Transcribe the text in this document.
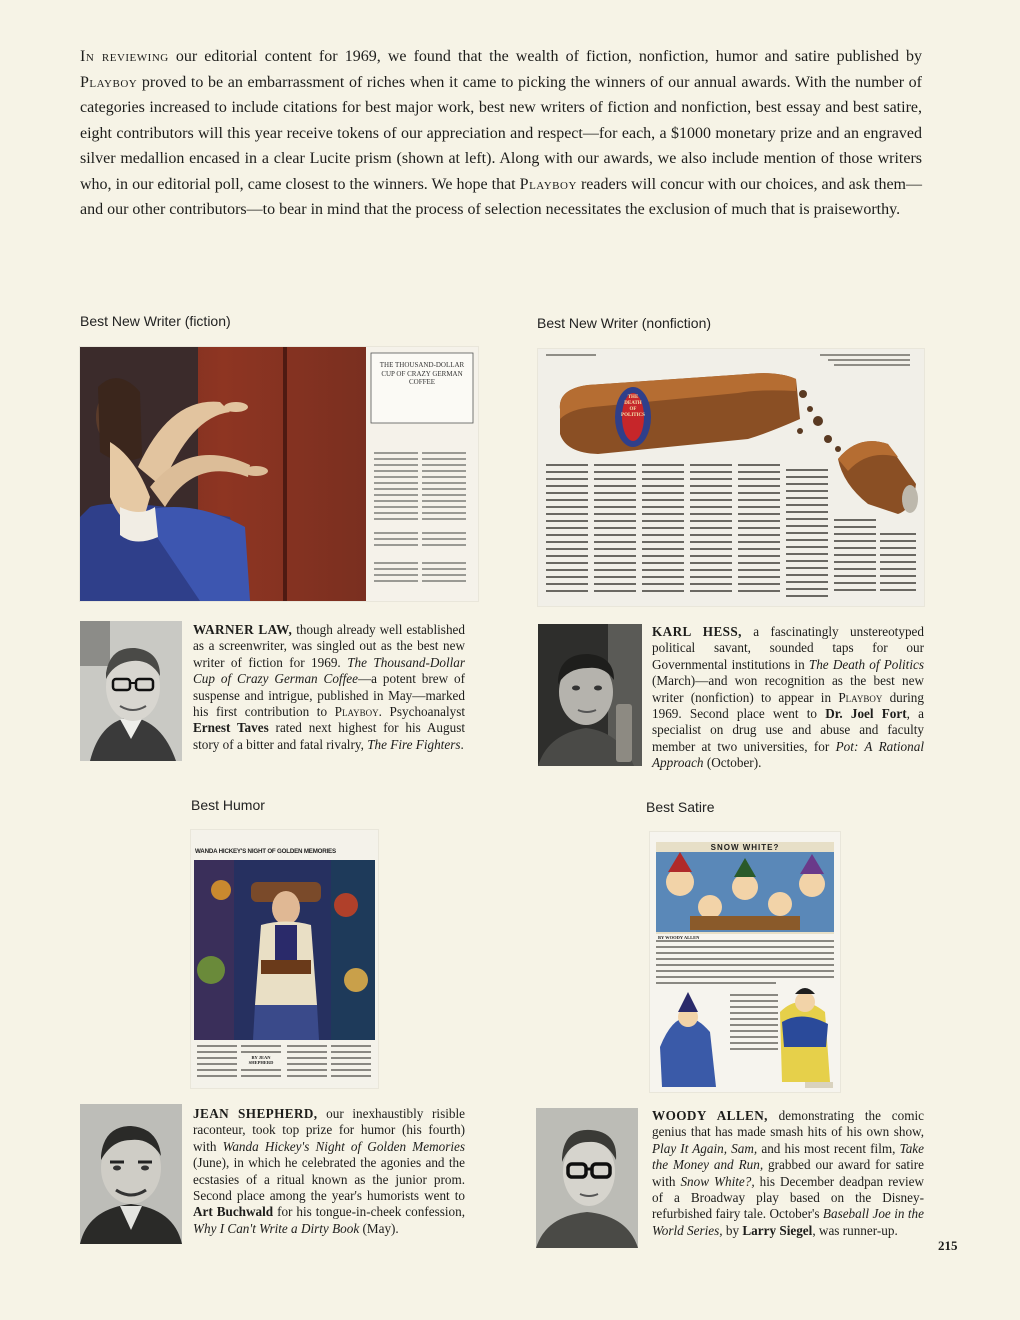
In reviewing our editorial content for 1969, we found that the wealth of fiction, nonfiction, humor and satire published by Playboy proved to be an embarrassment of riches when it came to picking the winners of our annual awards. With the number of categories increased to include citations for best major work, best new writers of fiction and nonfiction, best essay and best satire, eight contributors will this year receive tokens of our appreciation and respect—for each, a $1000 monetary prize and an engraved silver medallion encased in a clear Lucite prism (shown at left). Along with our awards, we also include mention of those writers who, in our editorial poll, came closest to the winners. We hope that Playboy readers will concur with our choices, and ask them—and our other contributors—to bear in mind that the process of selection necessitates the exclusion of much that is praiseworthy.
Best New Writer (fiction)
THE THOUSAND-DOLLAR CUP OF CRAZY GERMAN COFFEE
WARNER LAW, though already well established as a screenwriter, was singled out as the best new writer of fiction for 1969. The Thousand-Dollar Cup of Crazy German Coffee—a potent brew of suspense and intrigue, published in May—marked his first contribution to Playboy. Psychoanalyst Ernest Taves rated next highest for his August story of a bitter and fatal rivalry, The Fire Fighters.
Best New Writer (nonfiction)
THE DEATH OF POLITICS
KARL HESS, a fascinatingly unstereotyped political savant, sounded taps for our Governmental institutions in The Death of Politics (March)—and won recognition as the best new writer (nonfiction) to appear in Playboy during 1969. Second place went to Dr. Joel Fort, a specialist on drug use and abuse and faculty member at two universities, for Pot: A Rational Approach (October).
Best Humor
WANDA HICKEY'S NIGHT OF GOLDEN MEMORIES
BY JEAN SHEPHERD
JEAN SHEPHERD, our inexhaustibly risible raconteur, took top prize for humor (his fourth) with Wanda Hickey's Night of Golden Memories (June), in which he celebrated the agonies and the ecstasies of a ritual known as the junior prom. Second place among the year's humorists went to Art Buchwald for his tongue-in-cheek confession, Why I Can't Write a Dirty Book (May).
Best Satire
SNOW WHITE?
BY WOODY ALLEN
WOODY ALLEN, demonstrating the comic genius that has made smash hits of his own show, Play It Again, Sam, and his most recent film, Take the Money and Run, grabbed our award for satire with Snow White?, his December deadpan review of a Broadway play based on the Disney-refurbished fairy tale. October's Baseball Joe in the World Series, by Larry Siegel, was runner-up.
215
